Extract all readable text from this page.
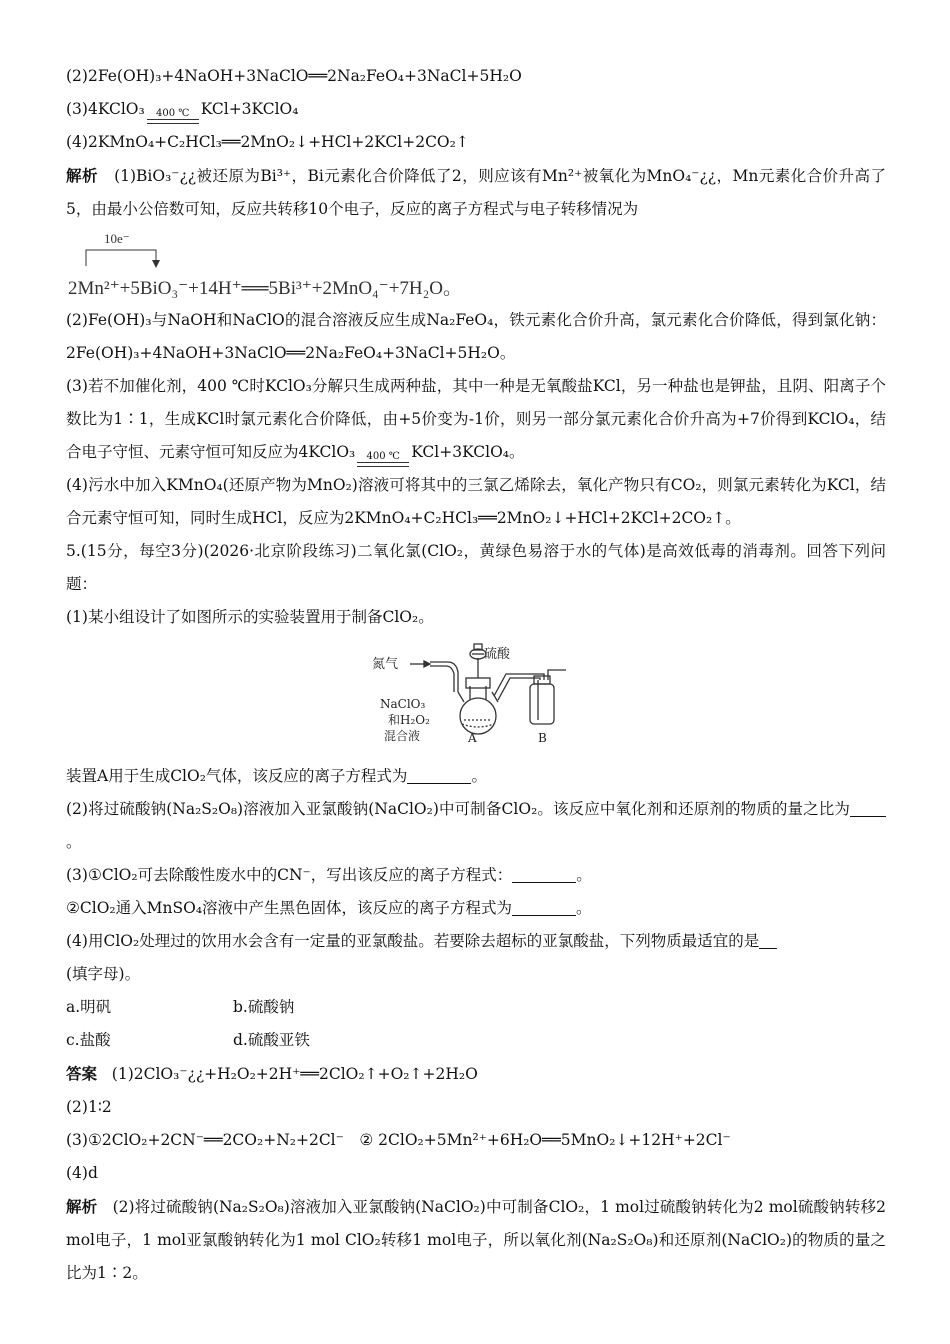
(2)2Fe(OH)₃+4NaOH+3NaClO══2Na₂FeO₄+3NaCl+5H₂O
(3)4KClO₃ 400 ℃ KCl+3KClO₄
(4)2KMnO₄+C₂HCl₃══2MnO₂↓+HCl+2KCl+2CO₂↑
解析 (1)BiO₃⁻¿¿被还原为Bi³⁺，Bi元素化合价降低了2，则应该有Mn²⁺被氧化为MnO₄⁻¿¿，Mn元素化合价升高了5，由最小公倍数可知，反应共转移10个电子，反应的离子方程式与电子转移情况为
10e⁻
2Mn²⁺+5BiO₃⁻+14H⁺══5Bi³⁺+2MnO₄⁻+7H₂O。
(2)Fe(OH)₃与NaOH和NaClO的混合溶液反应生成Na₂FeO₄，铁元素化合价升高，氯元素化合价降低，得到氯化钠：2Fe(OH)₃+4NaOH+3NaClO══2Na₂FeO₄+3NaCl+5H₂O。
(3)若不加催化剂，400 ℃时KClO₃分解只生成两种盐，其中一种是无氧酸盐KCl，另一种盐也是钾盐，且阴、阳离子个数比为1∶1，生成KCl时氯元素化合价降低，由+5价变为-1价，则另一部分氯元素化合价升高为+7价得到KClO₄，结合电子守恒、元素守恒可知反应为4KClO₃ 400 ℃ KCl+3KClO₄。
(4)污水中加入KMnO₄(还原产物为MnO₂)溶液可将其中的三氯乙烯除去，氧化产物只有CO₂，则氯元素转化为KCl，结合元素守恒可知，同时生成HCl，反应为2KMnO₄+C₂HCl₃══2MnO₂↓+HCl+2KCl+2CO₂↑。
5.(15分，每空3分)(2026·北京阶段练习)二氧化氯(ClO₂，黄绿色易溶于水的气体)是高效低毒的消毒剂。回答下列问题：
(1)某小组设计了如图所示的实验装置用于制备ClO₂。
氮气
硫酸
NaClO₃
和H₂O₂
混合液	A	B
装置A用于生成ClO₂气体，该反应的离子方程式为	。
(2)将过硫酸钠(Na₂S₂O₈)溶液加入亚氯酸钠(NaClO₂)中可制备ClO₂。该反应中氧化剂和还原剂的物质的量之比为。
(3)①ClO₂可去除酸性废水中的CN⁻，写出该反应的离子方程式：	。
②ClO₂通入MnSO₄溶液中产生黑色固体，该反应的离子方程式为	。
(4)用ClO₂处理过的饮用水会含有一定量的亚氯酸盐。若要除去超标的亚氯酸盐，下列物质最适宜的是
(填字母)。
a.明矾	b.硫酸钠
c.盐酸	d.硫酸亚铁
答案 (1)2ClO₃⁻¿¿+H₂O₂+2H⁺══2ClO₂↑+O₂↑+2H₂O
(2)1∶2
(3)①2ClO₂+2CN⁻══2CO₂+N₂+2Cl⁻　② 2ClO₂+5Mn²⁺+6H₂O══5MnO₂↓+12H⁺+2Cl⁻
(4)d
解析 (2)将过硫酸钠(Na₂S₂O₈)溶液加入亚氯酸钠(NaClO₂)中可制备ClO₂，1 mol过硫酸钠转化为2 mol硫酸钠转移2 mol电子，1 mol亚氯酸钠转化为1 mol ClO₂转移1 mol电子，所以氧化剂(Na₂S₂O₈)和还原剂(NaClO₂)的物质的量之比为1∶2。
